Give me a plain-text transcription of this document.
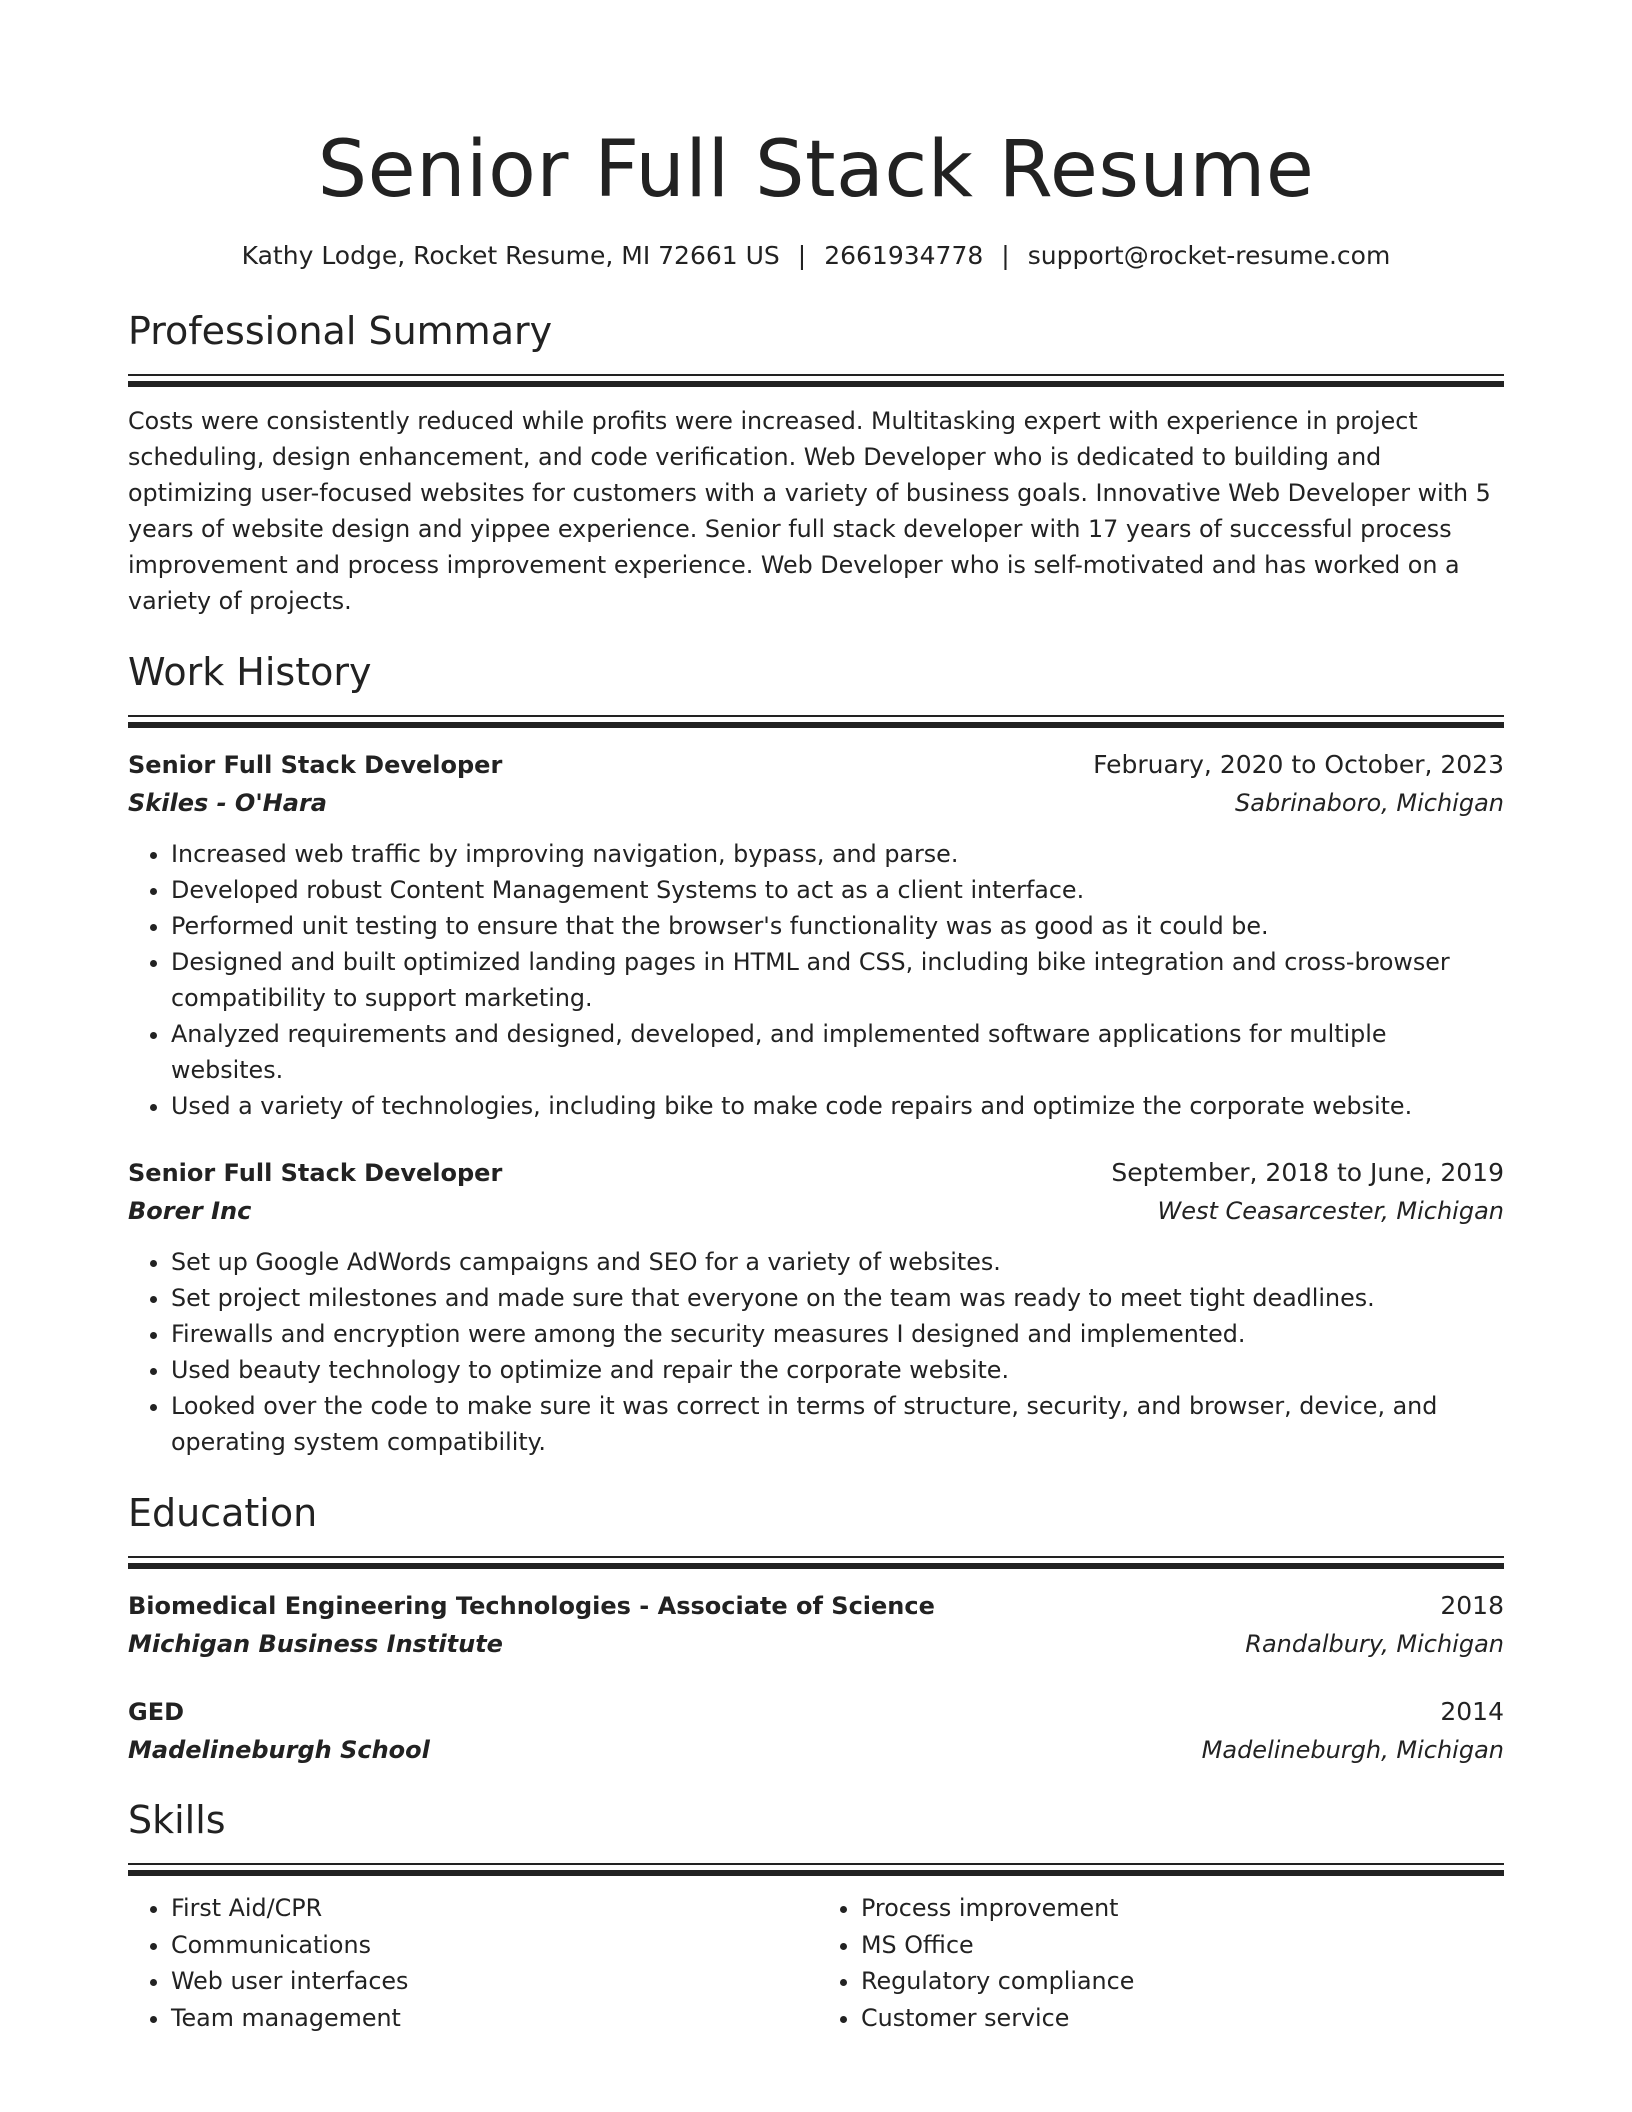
Senior Full Stack Resume
Kathy Lodge, Rocket Resume, MI 72661 US | 2661934778 | support@rocket-resume.com
Professional Summary
Costs were consistently reduced while profits were increased. Multitasking expert with experience in project scheduling, design enhancement, and code verification. Web Developer who is dedicated to building and optimizing user-focused websites for customers with a variety of business goals. Innovative Web Developer with 5 years of website design and yippee experience. Senior full stack developer with 17 years of successful process improvement and process improvement experience. Web Developer who is self-motivated and has worked on a variety of projects.
Work History
Senior Full Stack Developer	February, 2020 to October, 2023
Skiles - O'Hara	Sabrinaboro, Michigan
• Increased web traffic by improving navigation, bypass, and parse.
• Developed robust Content Management Systems to act as a client interface.
• Performed unit testing to ensure that the browser's functionality was as good as it could be.
• Designed and built optimized landing pages in HTML and CSS, including bike integration and cross-browser compatibility to support marketing.
• Analyzed requirements and designed, developed, and implemented software applications for multiple websites.
• Used a variety of technologies, including bike to make code repairs and optimize the corporate website.
Senior Full Stack Developer	September, 2018 to June, 2019
Borer Inc	West Ceasarcester, Michigan
• Set up Google AdWords campaigns and SEO for a variety of websites.
• Set project milestones and made sure that everyone on the team was ready to meet tight deadlines.
• Firewalls and encryption were among the security measures I designed and implemented.
• Used beauty technology to optimize and repair the corporate website.
• Looked over the code to make sure it was correct in terms of structure, security, and browser, device, and operating system compatibility.
Education
Biomedical Engineering Technologies - Associate of Science	2018
Michigan Business Institute	Randalbury, Michigan
GED	2014
Madelineburgh School	Madelineburgh, Michigan
Skills
• First Aid/CPR
• Communications
• Web user interfaces
• Team management
• Process improvement
• MS Office
• Regulatory compliance
• Customer service
